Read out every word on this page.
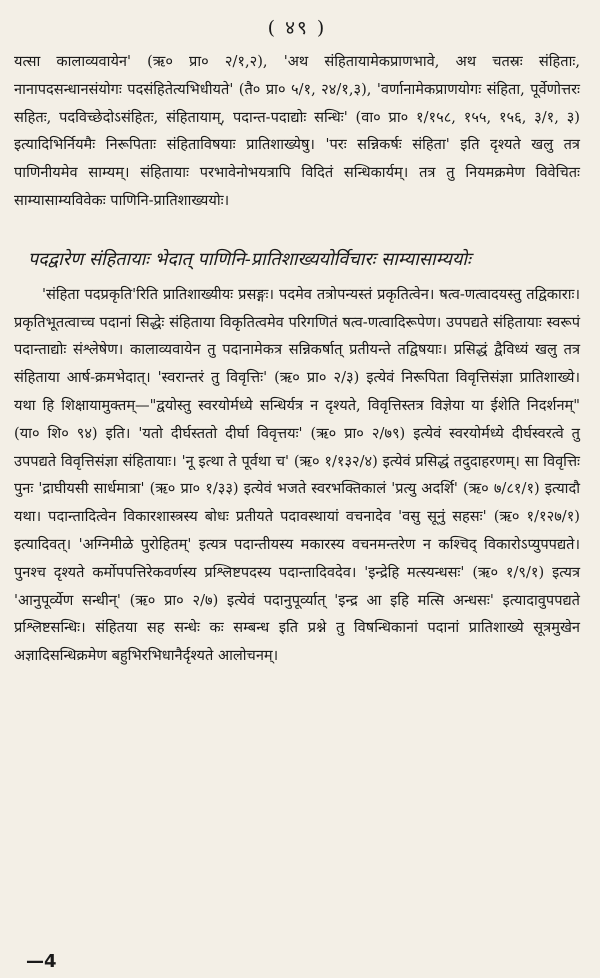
( ४९ )

यत्सा कालाव्यवायेन' (ऋ० प्रा० २/१,२), 'अथ संहितायामेकप्राणभावे, अथ चतस्रः संहिताः, नानापदसन्धानसंयोगः पदसंहितेत्यभिधीयते' (तै० प्रा० ५/१, २४/१,३), 'वर्णानामेकप्राणयोगः संहिता, पूर्वेणोत्तरः सहितः, पदविच्छेदोऽसंहितः, संहितायाम्, पदान्त-पदाद्योः सन्धिः' (वा० प्रा० १/१५८, १५५, १५६, ३/१, ३) इत्यादिभिर्नियमैः निरूपिताः संहिताविषयाः प्रातिशाख्येषु। 'परः सन्निकर्षः संहिता' इति दृश्यते खलु तत्र पाणिनीयमेव साम्यम्। संहितायाः परभावेनोभयत्रापि विदितं सन्धिकार्यम्। तत्र तु नियमक्रमेण विवेचितः साम्यासाम्यविवेकः पाणिनि-प्रातिशाख्ययोः।

पदद्वारेण संहितायाः भेदात् पाणिनि-प्रातिशाख्ययोर्विचारः साम्यासाम्ययोः

'संहिता पदप्रकृति'रिति प्रातिशाख्यीयः प्रसङ्गः। पदमेव तत्रोपन्यस्तं प्रकृतित्वेन। षत्व-णत्वादयस्तु तद्विकाराः। प्रकृतिभूतत्वाच्च पदानां सिद्धेः संहिताया विकृतित्वमेव परिगणितं षत्व-णत्वादिरूपेण। उपपद्यते संहितायाः स्वरूपं पदान्ताद्योः संश्लेषेण। कालाव्यवायेन तु पदानामेकत्र सन्निकर्षात् प्रतीयन्ते तद्विषयाः। प्रसिद्धं द्वैविध्यं खलु तत्र संहिताया आर्ष-क्रमभेदात्। 'स्वरान्तरं तु विवृत्तिः' (ऋ० प्रा० २/३) इत्येवं निरूपिता विवृत्तिसंज्ञा प्रातिशाख्ये। यथा हि शिक्षायामुक्तम्—"द्वयोस्तु स्वरयोर्मध्ये सन्धिर्यत्र न दृश्यते, विवृत्तिस्तत्र विज्ञेया या ईशेति निदर्शनम्" (या० शि० ९४) इति। 'यतो दीर्घस्ततो दीर्घा विवृत्तयः' (ऋ० प्रा० २/७९) इत्येवं स्वरयोर्मध्ये दीर्घस्वरत्वे तु उपपद्यते विवृत्तिसंज्ञा संहितायाः। 'नू इत्था ते पूर्वथा च' (ऋ० १/१३२/४) इत्येवं प्रसिद्धं तदुदाहरणम्। सा विवृत्तिः पुनः 'द्राघीयसी सार्धमात्रा' (ऋ० प्रा० १/३३) इत्येवं भजते स्वरभक्तिकालं 'प्रत्यु अदर्शि' (ऋ० ७/८१/१) इत्यादौ यथा। पदान्तादित्वेन विकारशास्त्रस्य बोधः प्रतीयते पदावस्थायां वचनादेव 'वसु सूनुं सहसः' (ऋ० १/१२७/१) इत्यादिवत्। 'अग्निमीळे पुरोहितम्' इत्यत्र पदान्तीयस्य मकारस्य वचनमन्तरेण न कश्चिद् विकारोऽप्युपपद्यते। पुनश्च दृश्यते कर्मोपपत्तिरेकवर्णस्य प्रश्लिष्टपदस्य पदान्तादिवदेव। 'इन्द्रेहि मत्स्यन्धसः' (ऋ० १/९/१) इत्यत्र 'आनुपूर्व्येण सन्धीन्' (ऋ० प्रा० २/७) इत्येवं पदानुपूर्व्यात् 'इन्द्र आ इहि मत्सि अन्धसः' इत्यादावुपपद्यते प्रश्लिष्टसन्धिः। संहितया सह सन्धेः कः सम्बन्ध इति प्रश्ने तु विषन्धिकानां पदानां प्रातिशाख्ये सूत्रमुखेन अज्ञादिसन्धिक्रमेण बहुभिरभिधानैर्दृश्यते आलोचनम्।

—4
